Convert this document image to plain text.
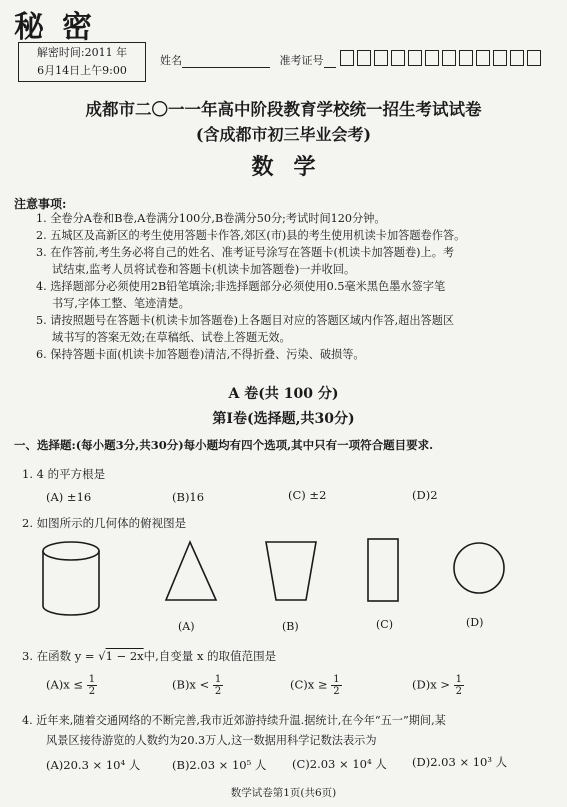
秘密
解密时间:2011 年
6月14日上午9:00
姓名	准考证号
成都市二〇一一年高中阶段教育学校统一招生考试试卷
(含成都市初三毕业会考)
数学
注意事项:
1. 全卷分A卷和B卷,A卷满分100分,B卷满分50分;考试时间120分钟。
2. 五城区及高新区的考生使用答题卡作答,郊区(市)县的考生使用机读卡加答题卷作答。
3. 在作答前,考生务必将自己的姓名、准考证号涂写在答题卡(机读卡加答题卷)上。考
试结束,监考人员将试卷和答题卡(机读卡加答题卷)一并收回。
4. 选择题部分必须使用2B铅笔填涂;非选择题部分必须使用0.5毫米黑色墨水签字笔
书写,字体工整、笔迹清楚。
5. 请按照题号在答题卡(机读卡加答题卷)上各题目对应的答题区域内作答,超出答题区
域书写的答案无效;在草稿纸、试卷上答题无效。
6. 保持答题卡面(机读卡加答题卷)清洁,不得折叠、污染、破损等。
A 卷(共 100 分)
第Ⅰ卷(选择题,共30分)
一、选择题:(每小题3分,共30分)每小题均有四个选项,其中只有一项符合题目要求.
1. 4 的平方根是
(A) ±16	(B)16	(C) ±2	(D)2
2. 如图所示的几何体的俯视图是
(A)	(B)	(C)	(D)
3. 在函数 y = √1 − 2x中,自变量 x 的取值范围是
$(A)x \le \frac{1}{2}$	$(B)x < \frac{1}{2}$	$(C)x \ge \frac{1}{2}$	$(D)x > \frac{1}{2}$
4. 近年来,随着交通网络的不断完善,我市近郊游持续升温.据统计,在今年“五一”期间,某
风景区接待游览的人数约为20.3万人,这一数据用科学记数法表示为
(A)20.3 × 10⁴ 人	(B)2.03 × 10⁵ 人 (C)2.03 × 10⁴ 人 (D)2.03 × 10³ 人
数学试卷第1页(共6页)
